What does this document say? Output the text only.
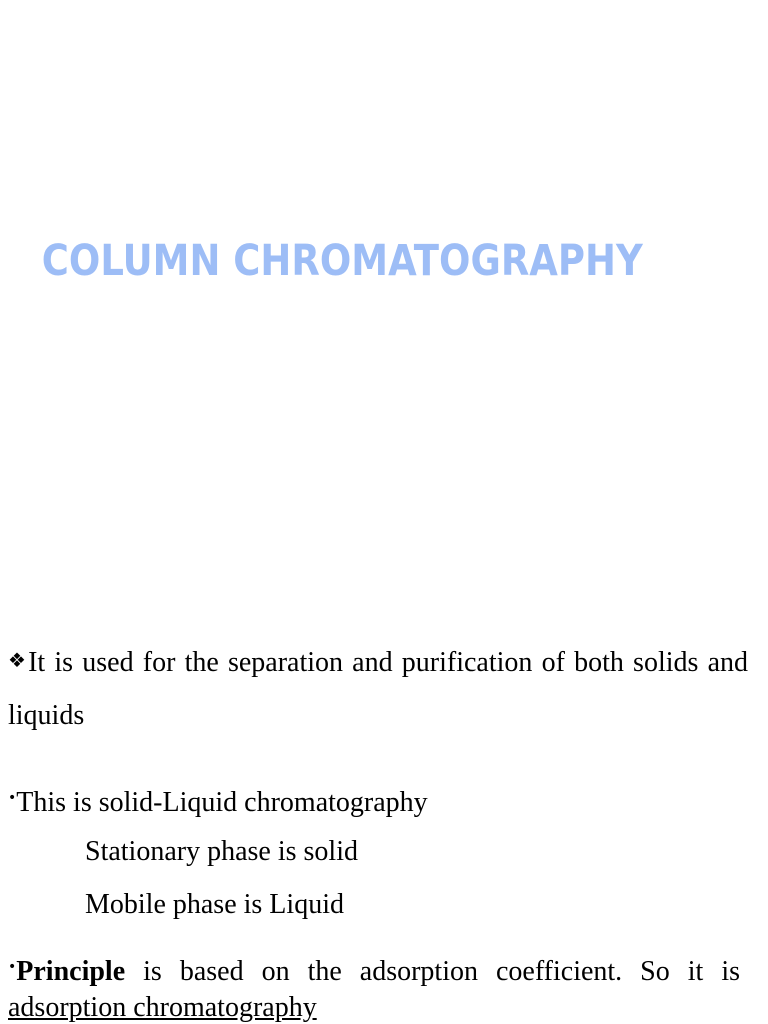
COLUMN CHROMATOGRAPHY
❖It is used for the separation and purification of both solids and liquids
•This is solid-Liquid chromatography
Stationary phase is solid
Mobile phase is Liquid
•Principle is based on the adsorption coefficient. So it is adsorption chromatography
